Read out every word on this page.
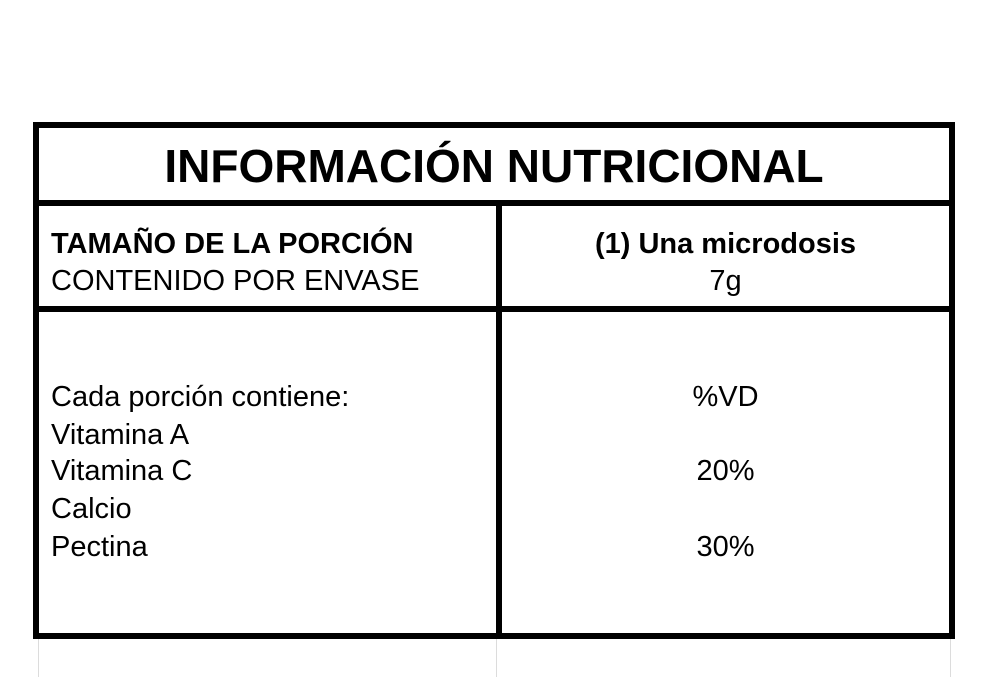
INFORMACIÓN NUTRICIONAL
TAMAÑO DE LA PORCIÓN
CONTENIDO POR ENVASE
(1) Una microdosis
7g
Cada porción contiene:
Vitamina A
Vitamina C
Calcio
Pectina
%VD
20%
30%
